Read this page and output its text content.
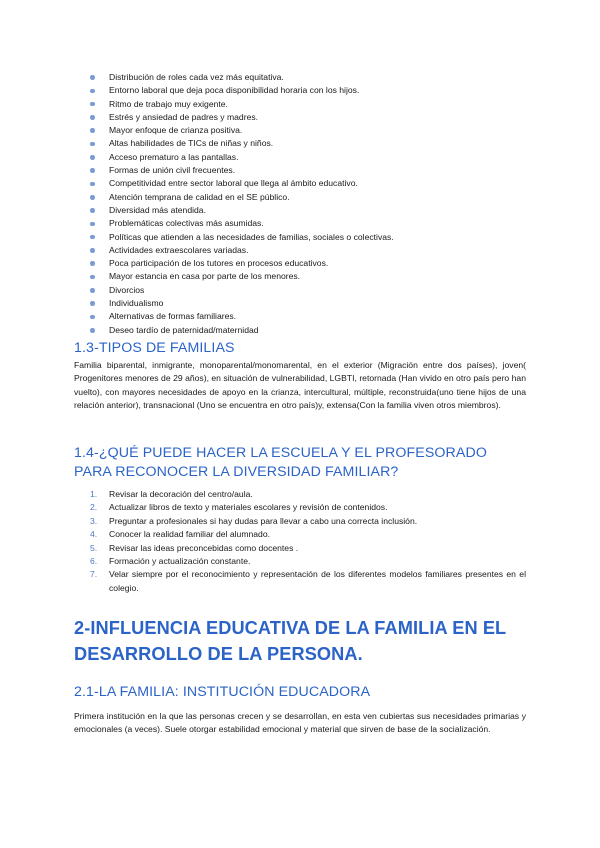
Distribución de roles cada vez más equitativa.
Entorno laboral que deja poca disponibilidad horaria con los hijos.
Ritmo de trabajo muy exigente.
Estrés y ansiedad de padres y madres.
Mayor enfoque de crianza positiva.
Altas habilidades de TICs de niñas y niños.
Acceso prematuro a las pantallas.
Formas de unión civil frecuentes.
Competitividad entre sector laboral que llega al ámbito educativo.
Atención temprana de calidad en el SE público.
Diversidad más atendida.
Problemáticas colectivas más asumidas.
Políticas que atienden a las necesidades de familias, sociales o colectivas.
Actividades extraescolares variadas.
Poca participación de los tutores en procesos educativos.
Mayor estancia en casa por parte de los menores.
Divorcios
Individualismo
Alternativas de formas familiares.
Deseo tardío de paternidad/maternidad
1.3-TIPOS DE FAMILIAS

Familia biparental, inmigrante, monoparental/monomarental, en el exterior (Migración entre dos países), joven( Progenitores menores de 29 años), en situación de vulnerabilidad, LGBTI, retornada (Han vivido en otro país pero han vuelto), con mayores necesidades de apoyo en la crianza, intercultural, múltiple, reconstruida(uno tiene hijos de una relación anterior), transnacional (Uno se encuentra en otro país)y, extensa(Con la familia viven otros miembros).

1.4-¿QUÉ PUEDE HACER LA ESCUELA Y EL PROFESORADO
PARA RECONOCER LA DIVERSIDAD FAMILIAR?
1. Revisar la decoración del centro/aula.
2. Actualizar libros de texto y materiales escolares y revisión de contenidos.
3. Preguntar a profesionales si hay dudas para llevar a cabo una correcta inclusión.
4. Conocer la realidad familiar del alumnado.
5. Revisar las ideas preconcebidas como docentes .
6. Formación y actualización constante.
7. Velar siempre por el reconocimiento y representación de los diferentes modelos familiares presentes en el colegio.
2-INFLUENCIA EDUCATIVA DE LA FAMILIA EN EL
DESARROLLO DE LA PERSONA.
2.1-LA FAMILIA: INSTITUCIÓN EDUCADORA

Primera institución en la que las personas crecen y se desarrollan, en esta ven cubiertas sus necesidades primarias y emocionales (a veces). Suele otorgar estabilidad emocional y material que sirven de base de la socialización.
